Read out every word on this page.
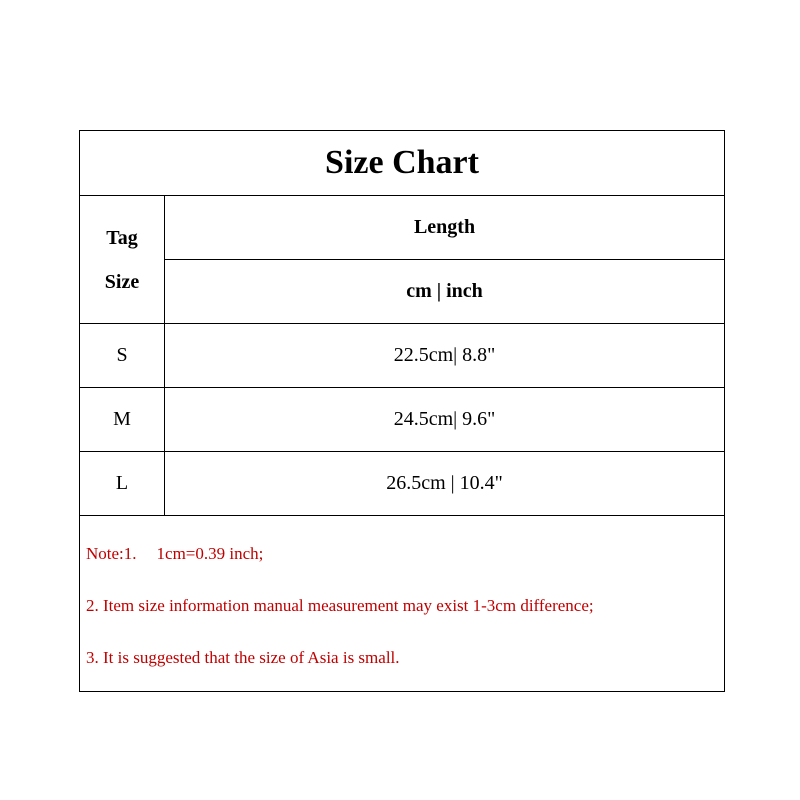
Size Chart
Tag
Size
Length
cm | inch
S	22.5cm| 8.8"
M	24.5cm| 9.6"
L	26.5cm | 10.4"
Note:1. 1cm=0.39 inch;
2. Item size information manual measurement may exist 1-3cm difference;
3. It is suggested that the size of Asia is small.
